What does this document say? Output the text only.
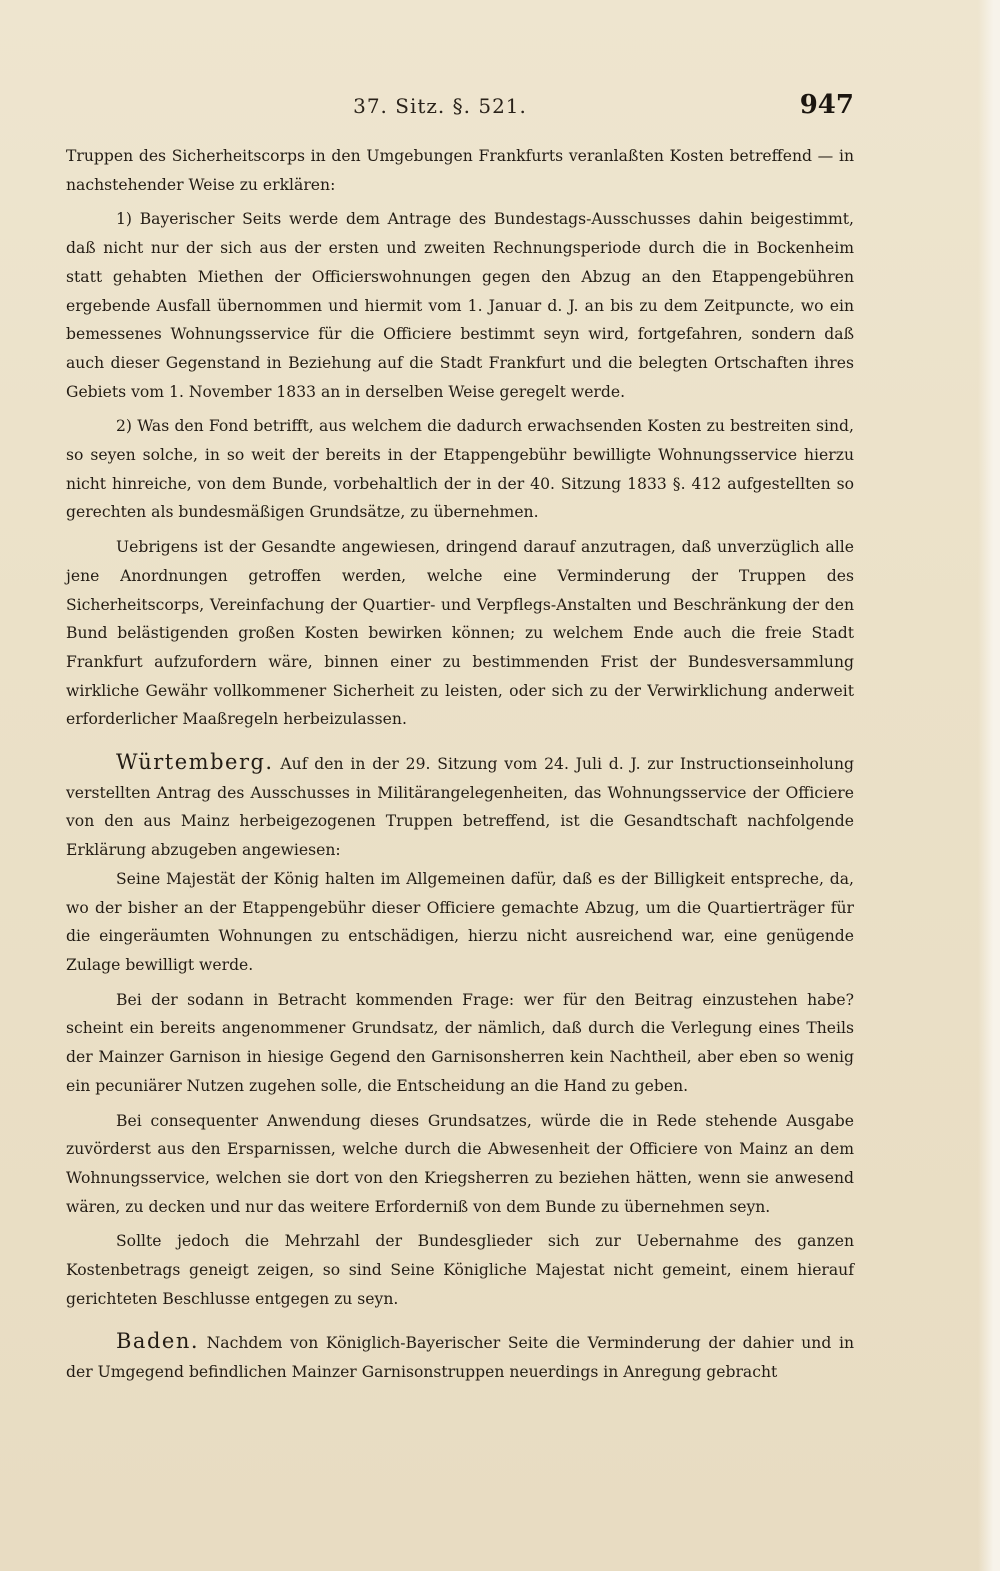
37. Sitz. §. 521.	947

Truppen des Sicherheitscorps in den Umgebungen Frankfurts veranlaßten Kosten betreffend — in nachstehender Weise zu erklären:

1) Bayerischer Seits werde dem Antrage des Bundestags-Ausschusses dahin beigestimmt, daß nicht nur der sich aus der ersten und zweiten Rechnungsperiode durch die in Bockenheim statt gehabten Miethen der Officierswohnungen gegen den Abzug an den Etappengebühren ergebende Ausfall übernommen und hiermit vom 1. Januar d. J. an bis zu dem Zeitpuncte, wo ein bemessenes Wohnungsservice für die Officiere bestimmt seyn wird, fortgefahren, sondern daß auch dieser Gegenstand in Beziehung auf die Stadt Frankfurt und die belegten Ortschaften ihres Gebiets vom 1. November 1833 an in derselben Weise geregelt werde.

2) Was den Fond betrifft, aus welchem die dadurch erwachsenden Kosten zu bestreiten sind, so seyen solche, in so weit der bereits in der Etappengebühr bewilligte Wohnungsservice hierzu nicht hinreiche, von dem Bunde, vorbehaltlich der in der 40. Sitzung 1833 §. 412 aufgestellten so gerechten als bundesmäßigen Grundsätze, zu übernehmen.

Uebrigens ist der Gesandte angewiesen, dringend darauf anzutragen, daß unverzüglich alle jene Anordnungen getroffen werden, welche eine Verminderung der Truppen des Sicherheitscorps, Vereinfachung der Quartier- und Verpflegs-Anstalten und Beschränkung der den Bund belästigenden großen Kosten bewirken können; zu welchem Ende auch die freie Stadt Frankfurt aufzufordern wäre, binnen einer zu bestimmenden Frist der Bundesversammlung wirkliche Gewähr vollkommener Sicherheit zu leisten, oder sich zu der Verwirklichung anderweit erforderlicher Maaßregeln herbeizulassen.

Würtemberg. Auf den in der 29. Sitzung vom 24. Juli d. J. zur Instructionseinholung verstellten Antrag des Ausschusses in Militärangelegenheiten, das Wohnungsservice der Officiere von den aus Mainz herbeigezogenen Truppen betreffend, ist die Gesandtschaft nachfolgende Erklärung abzugeben angewiesen:

Seine Majestät der König halten im Allgemeinen dafür, daß es der Billigkeit entspreche, da, wo der bisher an der Etappengebühr dieser Officiere gemachte Abzug, um die Quartierträger für die eingeräumten Wohnungen zu entschädigen, hierzu nicht ausreichend war, eine genügende Zulage bewilligt werde.

Bei der sodann in Betracht kommenden Frage: wer für den Beitrag einzustehen habe? scheint ein bereits angenommener Grundsatz, der nämlich, daß durch die Verlegung eines Theils der Mainzer Garnison in hiesige Gegend den Garnisonsherren kein Nachtheil, aber eben so wenig ein pecuniärer Nutzen zugehen solle, die Entscheidung an die Hand zu geben.

Bei consequenter Anwendung dieses Grundsatzes, würde die in Rede stehende Ausgabe zuvörderst aus den Ersparnissen, welche durch die Abwesenheit der Officiere von Mainz an dem Wohnungsservice, welchen sie dort von den Kriegsherren zu beziehen hätten, wenn sie anwesend wären, zu decken und nur das weitere Erforderniß von dem Bunde zu übernehmen seyn.

Sollte jedoch die Mehrzahl der Bundesglieder sich zur Uebernahme des ganzen Kostenbetrags geneigt zeigen, so sind Seine Königliche Majestat nicht gemeint, einem hierauf gerichteten Beschlusse entgegen zu seyn.

Baden. Nachdem von Königlich-Bayerischer Seite die Verminderung der dahier und in der Umgegend befindlichen Mainzer Garnisonstruppen neuerdings in Anregung gebracht
